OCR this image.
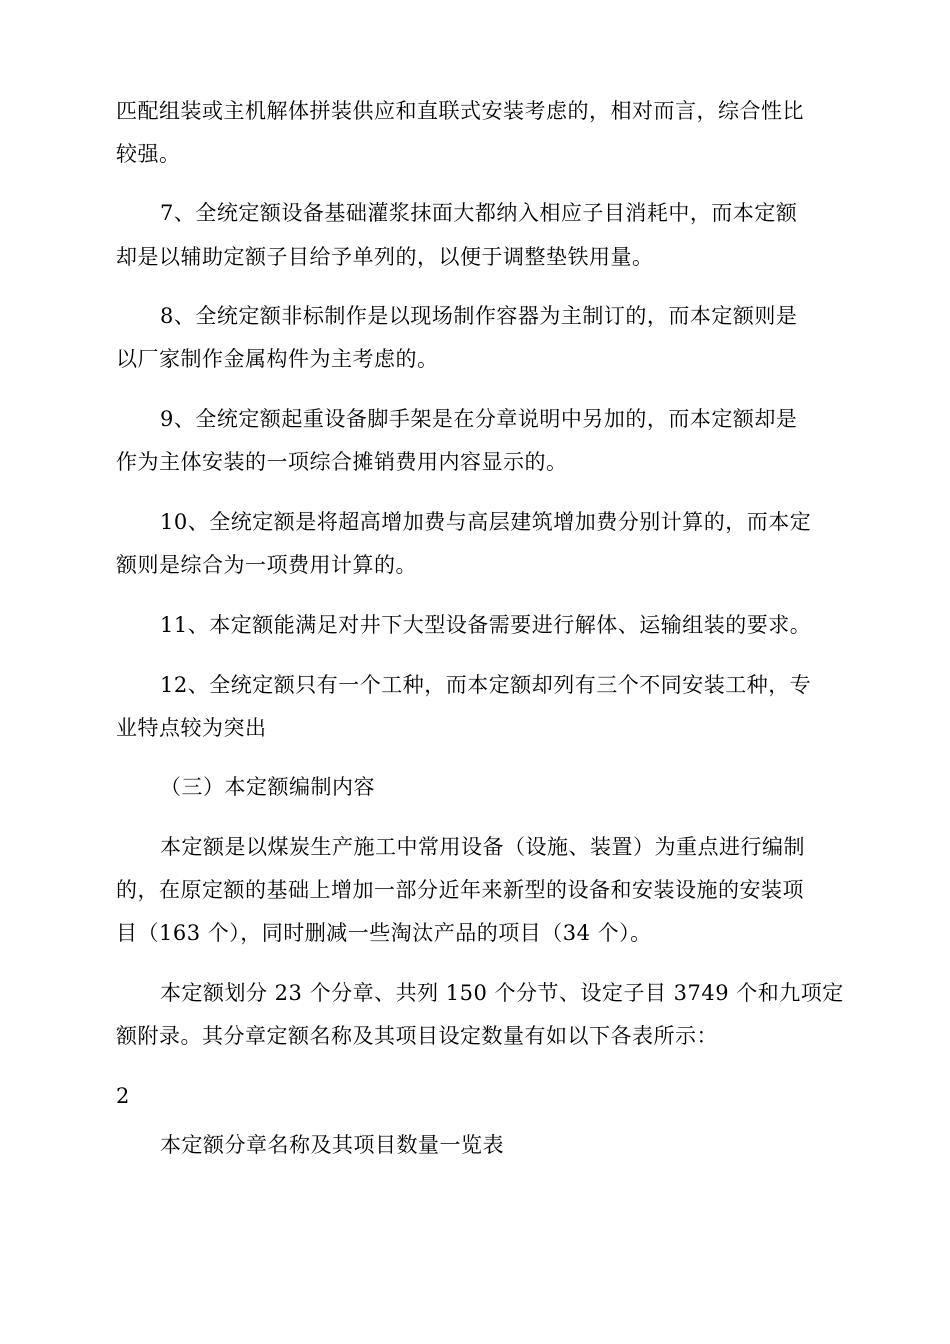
匹配组装或主机解体拼装供应和直联式安装考虑的，相对而言，综合性比
较强。
7、全统定额设备基础灌浆抹面大都纳入相应子目消耗中，而本定额
却是以辅助定额子目给予单列的，以便于调整垫铁用量。
8、全统定额非标制作是以现场制作容器为主制订的，而本定额则是
以厂家制作金属构件为主考虑的。
9、全统定额起重设备脚手架是在分章说明中另加的，而本定额却是
作为主体安装的一项综合摊销费用内容显示的。
10、全统定额是将超高增加费与高层建筑增加费分别计算的，而本定
额则是综合为一项费用计算的。
11、本定额能满足对井下大型设备需要进行解体、运输组装的要求。
12、全统定额只有一个工种，而本定额却列有三个不同安装工种，专
业特点较为突出
（三）本定额编制内容
本定额是以煤炭生产施工中常用设备（设施、装置）为重点进行编制
的，在原定额的基础上增加一部分近年来新型的设备和安装设施的安装项
目（163 个），同时删减一些淘汰产品的项目（34 个）。
本定额划分 23 个分章、共列 150 个分节、设定子目 3749 个和九项定
额附录。其分章定额名称及其项目设定数量有如以下各表所示：
2
本定额分章名称及其项目数量一览表
